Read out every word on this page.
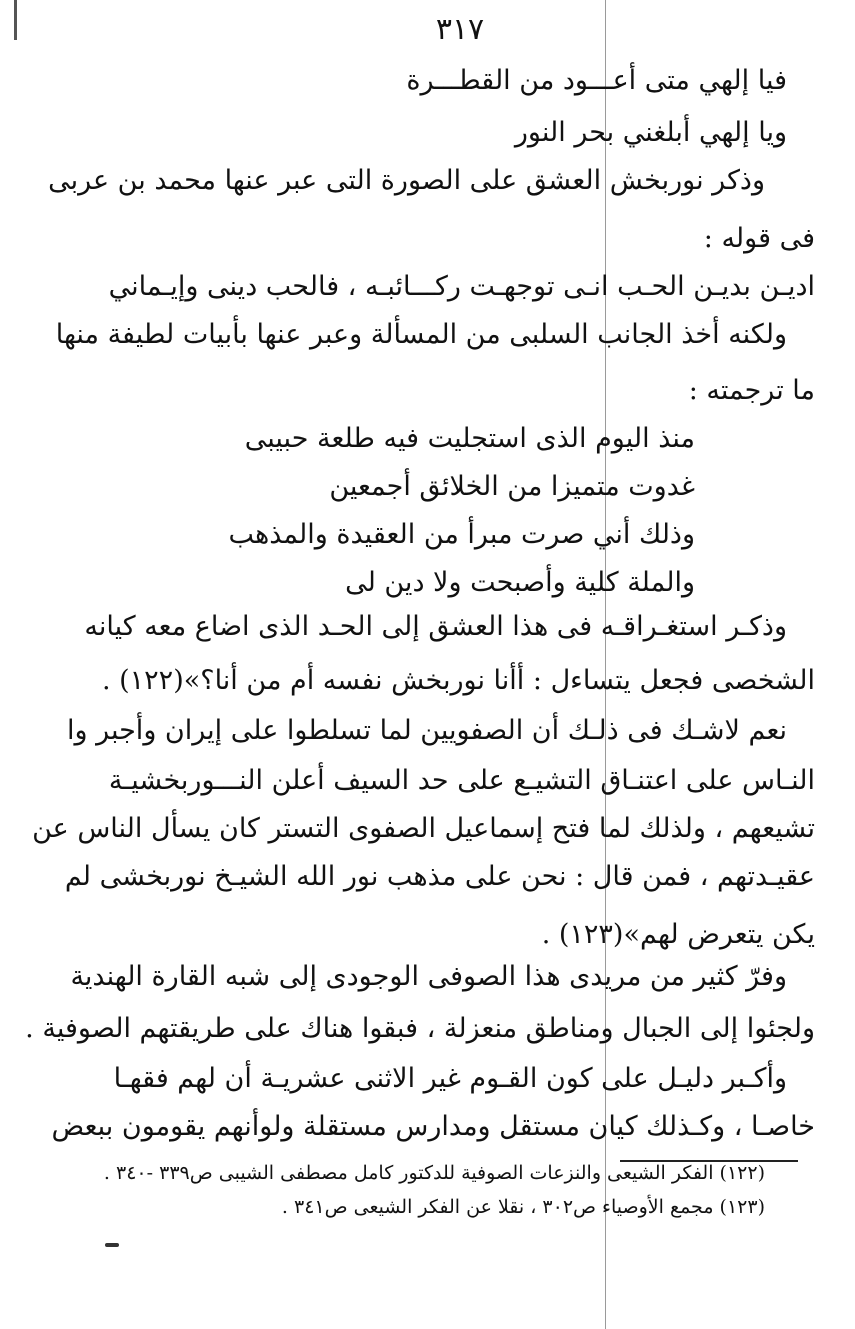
٣١٧
فيا إلهي متى أعـــود من القطـــرة
ويا إلهي أبلغني بحر النور
وذكر نوربخش العشق على الصورة التى عبر عنها محمد بن عربى
فى قوله :
اديـن بديـن الحـب انـى توجهـت ركـــائبـه ، فالحب دينى وإيـماني
ولكنه أخذ الجانب السلبى من المسألة وعبر عنها بأبيات لطيفة منها
ما ترجمته :
منذ اليوم الذى استجليت فيه طلعة حبيبى
غدوت متميزا من الخلائق أجمعين
وذلك أني صرت مبرأ من العقيدة والمذهب
والملة كلية وأصبحت ولا دين لى
وذكـر استغـراقـه فى هذا العشق إلى الحـد الذى اضاع معه كيانه
الشخصى فجعل يتساءل : أأنا نوربخش نفسه أم من أنا؟»(١٢٢) .
نعم لاشـك فى ذلـك أن الصفويين لما تسلطوا على إيران وأجبر وا
النـاس على اعتنـاق التشيـع على حد السيف أعلن النـــوربخشيـة
تشيعهم ، ولذلك لما فتح إسماعيل الصفوى التستر كان يسأل الناس عن
عقيـدتهم ، فمن قال : نحن على مذهب نور الله الشيـخ نوربخشى لم
يكن يتعرض لهم»(١٢٣) .
وفرّ كثير من مريدى هذا الصوفى الوجودى إلى شبه القارة الهندية
ولجئوا إلى الجبال ومناطق منعزلة ، فبقوا هناك على طريقتهم الصوفية .
وأكـبر دليـل على كون القـوم غير الاثنى عشريـة أن لهم فقهـا
خاصـا ، وكـذلك كيان مستقل ومدارس مستقلة ولوأنهم يقومون ببعض
(١٢٢) الفكر الشيعى والنزعات الصوفية للدكتور كامل مصطفى الشيبى ص٣٣٩ -٣٤٠ .
(١٢٣) مجمع الأوصياء ص٣٠٢ ، نقلا عن الفكر الشيعى ص٣٤١ .
